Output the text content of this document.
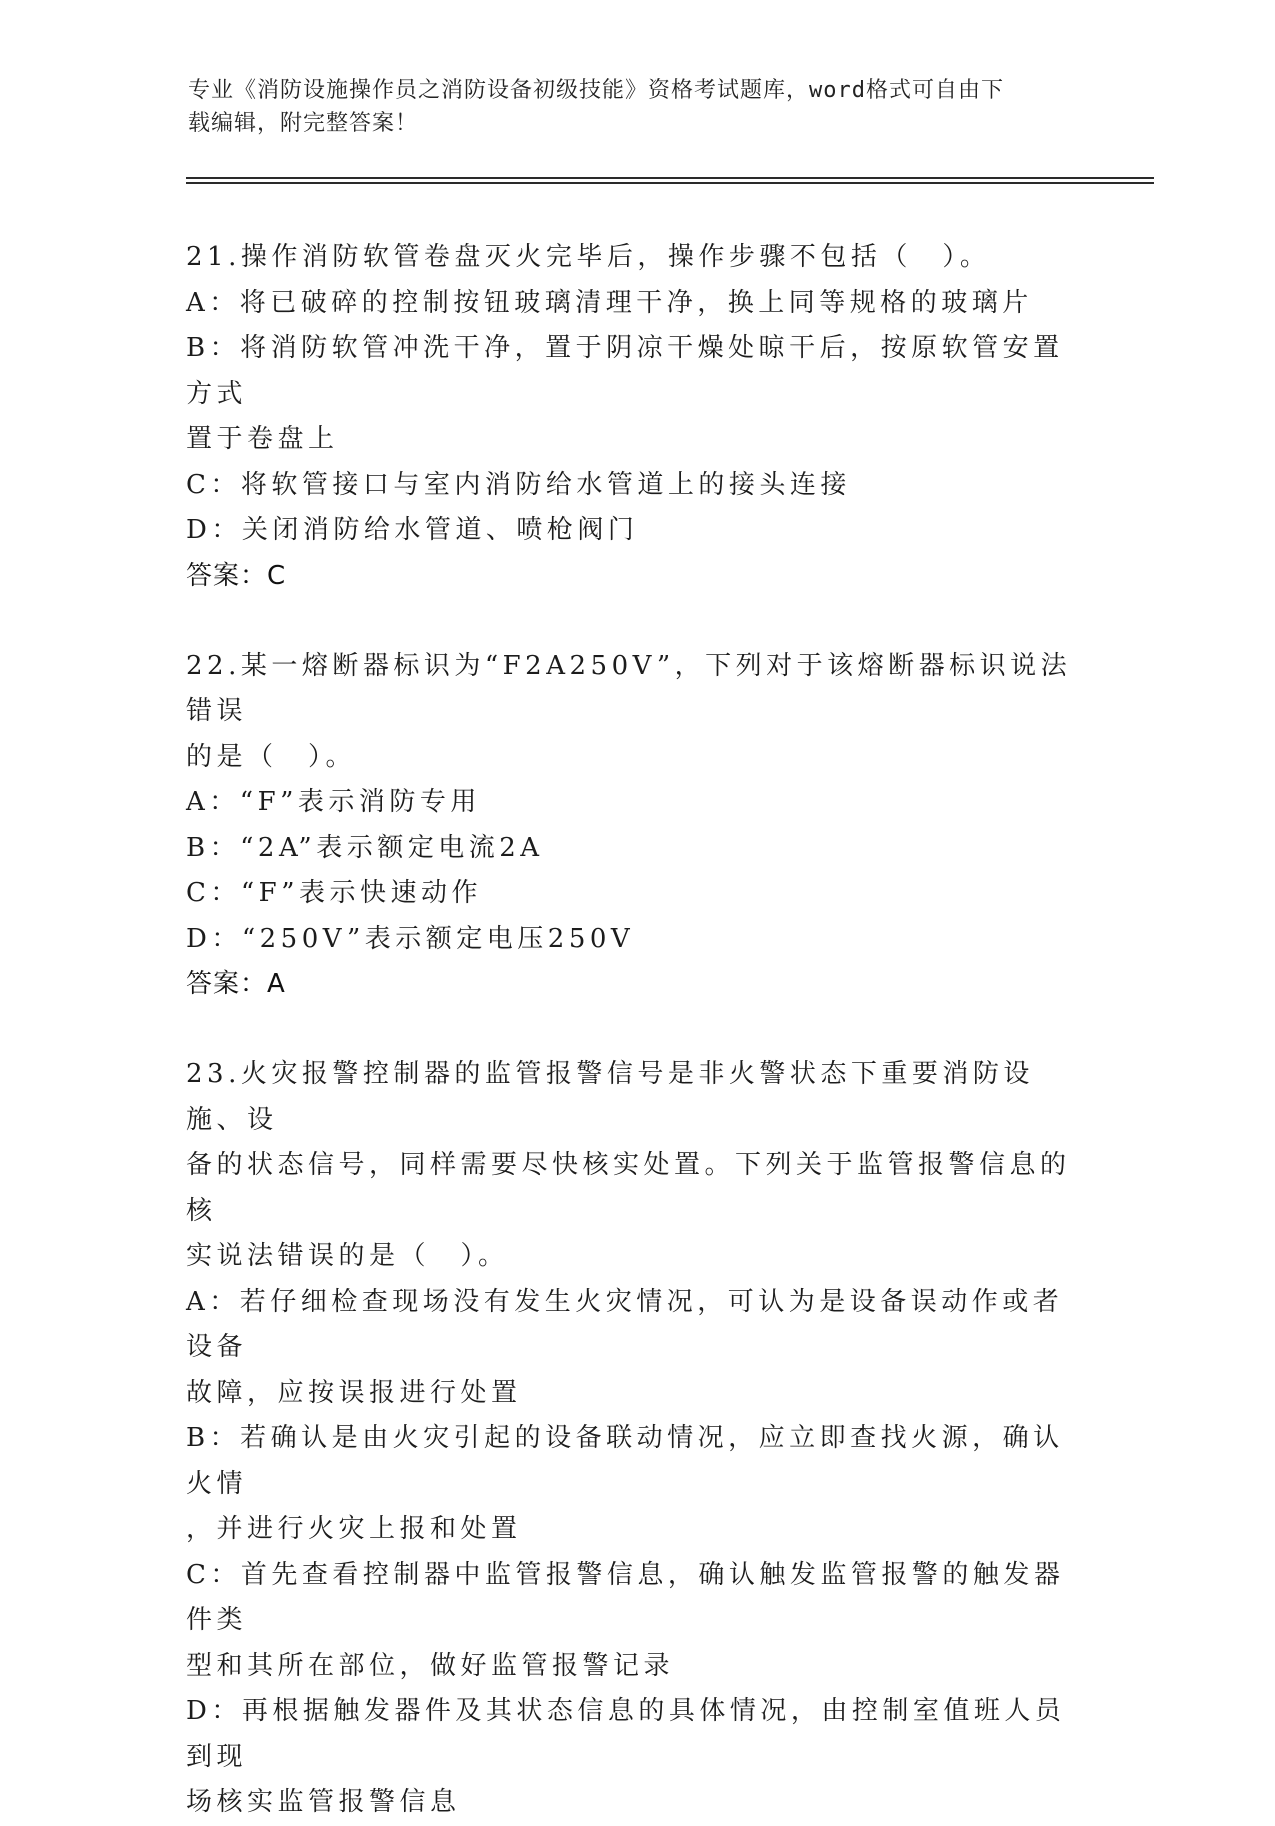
专业《消防设施操作员之消防设备初级技能》资格考试题库，word格式可自由下
载编辑，附完整答案！

21.操作消防软管卷盘灭火完毕后，操作步骤不包括（　）。

A：将已破碎的控制按钮玻璃清理干净，换上同等规格的玻璃片

B：将消防软管冲洗干净，置于阴凉干燥处晾干后，按原软管安置方式

置于卷盘上

C：将软管接口与室内消防给水管道上的接头连接

D：关闭消防给水管道、喷枪阀门

答案：C

22.某一熔断器标识为“F2A250V”，下列对于该熔断器标识说法错误

的是（　）。

A：“F”表示消防专用

B：“2A”表示额定电流2A

C：“F”表示快速动作

D：“250V”表示额定电压250V

答案：A

23.火灾报警控制器的监管报警信号是非火警状态下重要消防设施、设

备的状态信号，同样需要尽快核实处置。下列关于监管报警信息的核

实说法错误的是（　）。

A：若仔细检查现场没有发生火灾情况，可认为是设备误动作或者设备

故障，应按误报进行处置

B：若确认是由火灾引起的设备联动情况，应立即查找火源，确认火情

，并进行火灾上报和处置

C：首先查看控制器中监管报警信息，确认触发监管报警的触发器件类

型和其所在部位，做好监管报警记录

D：再根据触发器件及其状态信息的具体情况，由控制室值班人员到现

场核实监管报警信息
